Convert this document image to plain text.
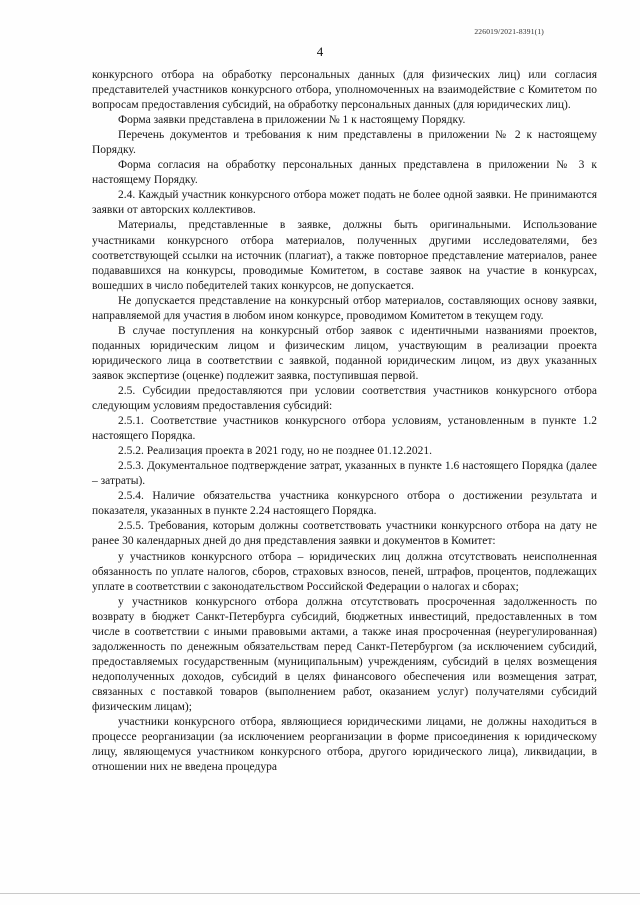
226019/2021-8391(1)
4

конкурсного отбора на обработку персональных данных (для физических лиц) или согласия представителей участников конкурсного отбора, уполномоченных на взаимодействие с Комитетом по вопросам предоставления субсидий, на обработку персональных данных (для юридических лиц).

Форма заявки представлена в приложении № 1 к настоящему Порядку.

Перечень документов и требования к ним представлены в приложении № 2 к настоящему Порядку.

Форма согласия на обработку персональных данных представлена в приложении № 3 к настоящему Порядку.

2.4. Каждый участник конкурсного отбора может подать не более одной заявки. Не принимаются заявки от авторских коллективов.

Материалы, представленные в заявке, должны быть оригинальными. Использование участниками конкурсного отбора материалов, полученных другими исследователями, без соответствующей ссылки на источник (плагиат), а также повторное представление материалов, ранее подававшихся на конкурсы, проводимые Комитетом, в составе заявок на участие в конкурсах, вошедших в число победителей таких конкурсов, не допускается.

Не допускается представление на конкурсный отбор материалов, составляющих основу заявки, направляемой для участия в любом ином конкурсе, проводимом Комитетом в текущем году.

В случае поступления на конкурсный отбор заявок с идентичными названиями проектов, поданных юридическим лицом и физическим лицом, участвующим в реализации проекта юридического лица в соответствии с заявкой, поданной юридическим лицом, из двух указанных заявок экспертизе (оценке) подлежит заявка, поступившая первой.

2.5. Субсидии предоставляются при условии соответствия участников конкурсного отбора следующим условиям предоставления субсидий:

2.5.1. Соответствие участников конкурсного отбора условиям, установленным в пункте 1.2 настоящего Порядка.

2.5.2. Реализация проекта в 2021 году, но не позднее 01.12.2021.

2.5.3. Документальное подтверждение затрат, указанных в пункте 1.6 настоящего Порядка (далее – затраты).

2.5.4. Наличие обязательства участника конкурсного отбора о достижении результата и показателя, указанных в пункте 2.24 настоящего Порядка.

2.5.5. Требования, которым должны соответствовать участники конкурсного отбора на дату не ранее 30 календарных дней до дня представления заявки и документов в Комитет:

у участников конкурсного отбора – юридических лиц должна отсутствовать неисполненная обязанность по уплате налогов, сборов, страховых взносов, пеней, штрафов, процентов, подлежащих уплате в соответствии с законодательством Российской Федерации о налогах и сборах;

у участников конкурсного отбора должна отсутствовать просроченная задолженность по возврату в бюджет Санкт-Петербурга субсидий, бюджетных инвестиций, предоставленных в том числе в соответствии с иными правовыми актами, а также иная просроченная (неурегулированная) задолженность по денежным обязательствам перед Санкт-Петербургом (за исключением субсидий, предоставляемых государственным (муниципальным) учреждениям, субсидий в целях возмещения недополученных доходов, субсидий в целях финансового обеспечения или возмещения затрат, связанных с поставкой товаров (выполнением работ, оказанием услуг) получателями субсидий физическим лицам);

участники конкурсного отбора, являющиеся юридическими лицами, не должны находиться в процессе реорганизации (за исключением реорганизации в форме присоединения к юридическому лицу, являющемуся участником конкурсного отбора, другого юридического лица), ликвидации, в отношении них не введена процедура
